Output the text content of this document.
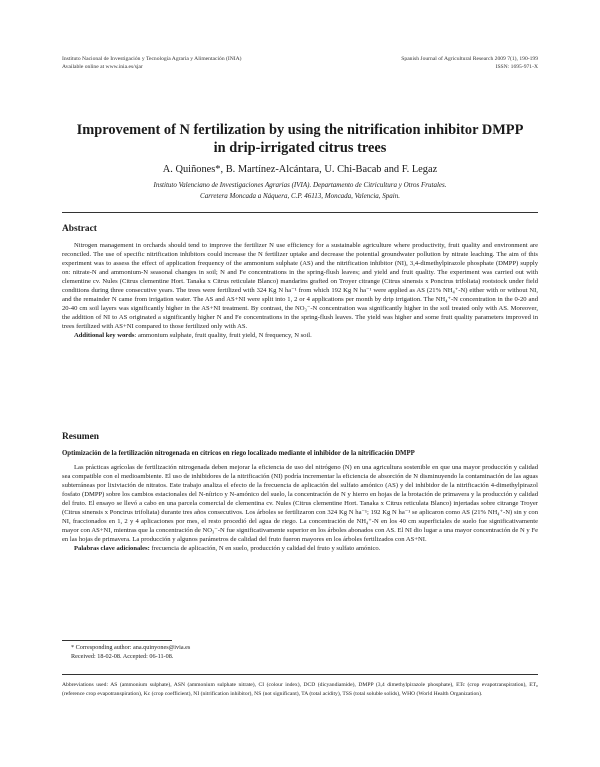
Instituto Nacional de Investigación y Tecnología Agraria y Alimentación (INIA)
Available online at www.inia.es/sjar
Spanish Journal of Agricultural Research 2009 7(1), 190-199
ISSN: 1695-971-X
Improvement of N fertilization by using the nitrification inhibitor DMPP in drip-irrigated citrus trees
A. Quiñones*, B. Martínez-Alcántara, U. Chi-Bacab and F. Legaz
Instituto Valenciano de Investigaciones Agrarias (IVIA). Departamento de Citricultura y Otros Frutales.
Carretera Moncada a Náquera, C.P. 46113, Moncada, Valencia, Spain.
Abstract

Nitrogen management in orchards should tend to improve the fertilizer N use efficiency for a sustainable agriculture where productivity, fruit quality and environment are reconciled. The use of specific nitrification inhibitors could increase the N fertilizer uptake and decrease the potential groundwater pollution by nitrate leaching. The aim of this experiment was to assess the effect of application frequency of the ammonium sulphate (AS) and the nitrification inhibitor (NI), 3,4-dimethylpirazole phosphate (DMPP) supply on: nitrate-N and ammonium-N seasonal changes in soil; N and Fe concentrations in the spring-flush leaves; and yield and fruit quality. The experiment was carried out with clementine cv. Nules (Citrus clementine Hort. Tanaka x Citrus reticulate Blanco) mandarins grafted on Troyer citrange (Citrus sinensis x Poncirus trifoliata) rootstock under field conditions during three consecutive years. The trees were fertilized with 324 Kg N ha⁻¹ from which 192 Kg N ha⁻¹ were applied as AS (21% NH₄⁺-N) either with or without NI, and the remainder N came from irrigation water. The AS and AS+NI were split into 1, 2 or 4 applications per month by drip irrigation. The NH₄⁺-N concentration in the 0-20 and 20-40 cm soil layers was significantly higher in the AS+NI treatment. By contrast, the NO₃⁻-N concentration was significantly higher in the soil treated only with AS. Moreover, the addition of NI to AS originated a significantly higher N and Fe concentrations in the spring-flush leaves. The yield was higher and some fruit quality parameters improved in trees fertilized with AS+NI compared to those fertilized only with AS.

Additional key words: ammonium sulphate, fruit quality, fruit yield, N frequency, N soil.

Resumen
Optimización de la fertilización nitrogenada en cítricos en riego localizado mediante el inhibidor de la nitrificación DMPP

Las prácticas agrícolas de fertilización nitrogenada deben mejorar la eficiencia de uso del nitrógeno (N) en una agricultura sostenible en que una mayor producción y calidad sea compatible con el medioambiente. El uso de inhibidores de la nitrificación (NI) podría incrementar la eficiencia de absorción de N disminuyendo la contaminación de las aguas subterráneas por lixiviación de nitratos. Este trabajo analiza el efecto de la frecuencia de aplicación del sulfato amónico (AS) y del inhibidor de la nitrificación 4-dimethylpirazol fosfato (DMPP) sobre los cambios estacionales del N-nítrico y N-amónico del suelo, la concentración de N y hierro en hojas de la brotación de primavera y la producción y calidad del fruto. El ensayo se llevó a cabo en una parcela comercial de clementina cv. Nules (Citrus clementine Hort. Tanaka x Citrus reticulata Blanco) injertadas sobre citrange Troyer (Citrus sinensis x Poncirus trifoliata) durante tres años consecutivos. Los árboles se fertilizaron con 324 Kg N ha⁻¹; 192 Kg N ha⁻¹ se aplicaron como AS (21% NH₄⁺-N) sin y con NI, fraccionados en 1, 2 y 4 aplicaciones por mes, el resto procedió del agua de riego. La concentración de NH₄⁺-N en los 40 cm superficiales de suelo fue significativamente mayor con AS+NI, mientras que la concentración de NO₃⁻-N fue significativamente superior en los árboles abonados con AS. El NI dio lugar a una mayor concentración de N y Fe en las hojas de primavera. La producción y algunos parámetros de calidad del fruto fueron mayores en los árboles fertilizados con AS+NI.

Palabras clave adicionales: frecuencia de aplicación, N en suelo, producción y calidad del fruto y sulfato amónico.

* Corresponding author: ana.quinyones@ivia.es

Received: 18-02-08. Accepted: 06-11-08.

Abbreviations used: AS (ammonium sulphate), ASN (ammonium sulphate nitrate), CI (colour index), DCD (dicyandiamide), DMPP (3,4 dimethylpirazole phosphate), ETc (crop evapotranspiration), ET₀ (reference crop evapotranspiration), Kc (crop coefficient), NI (nitrification inhibitor), NS (not significant), TA (total acidity), TSS (total soluble solids), WHO (World Health Organization).
